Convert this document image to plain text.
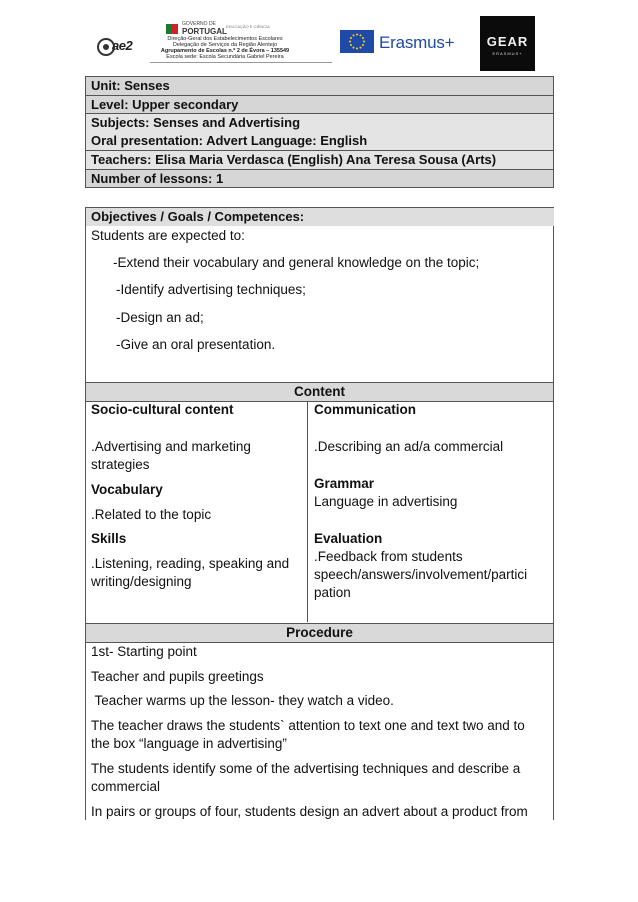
ae2
GOVERNO DE
PORTUGAL
EDUCAÇÃO E CIÊNCIA
Direção-Geral dos Estabelecimentos Escolares
Delegação de Serviços da Região Alentejo
Agrupamento de Escolas n.º 2 de Évora – 135549
Escola sede: Escola Secundária Gabriel Pereira
Erasmus+	GEAR
ERASMUS+
Unit: Senses
Level: Upper secondary
Subjects: Senses and Advertising
Oral presentation: Advert Language: English
Teachers: Elisa Maria Verdasca (English) Ana Teresa Sousa (Arts)
Number of lessons: 1
Objectives / Goals / Competences:
Students are expected to:
-Extend their vocabulary and general knowledge on the topic;
-Identify advertising techniques;
-Design an ad;
-Give an oral presentation.
Content
Socio-cultural content
.Advertising and marketing
strategies
Vocabulary
.Related to the topic
Skills
.Listening, reading, speaking and
writing/designing
Communication
.Describing an ad/a commercial
Grammar
Language in advertising
Evaluation
.Feedback from students
speech/answers/involvement/partici
pation
Procedure
1st- Starting point
Teacher and pupils greetings
Teacher warms up the lesson- they watch a video.
The teacher draws the students` attention to text one and text two and to
the box “language in advertising”
The students identify some of the advertising techniques and describe a
commercial
In pairs or groups of four, students design an advert about a product from
